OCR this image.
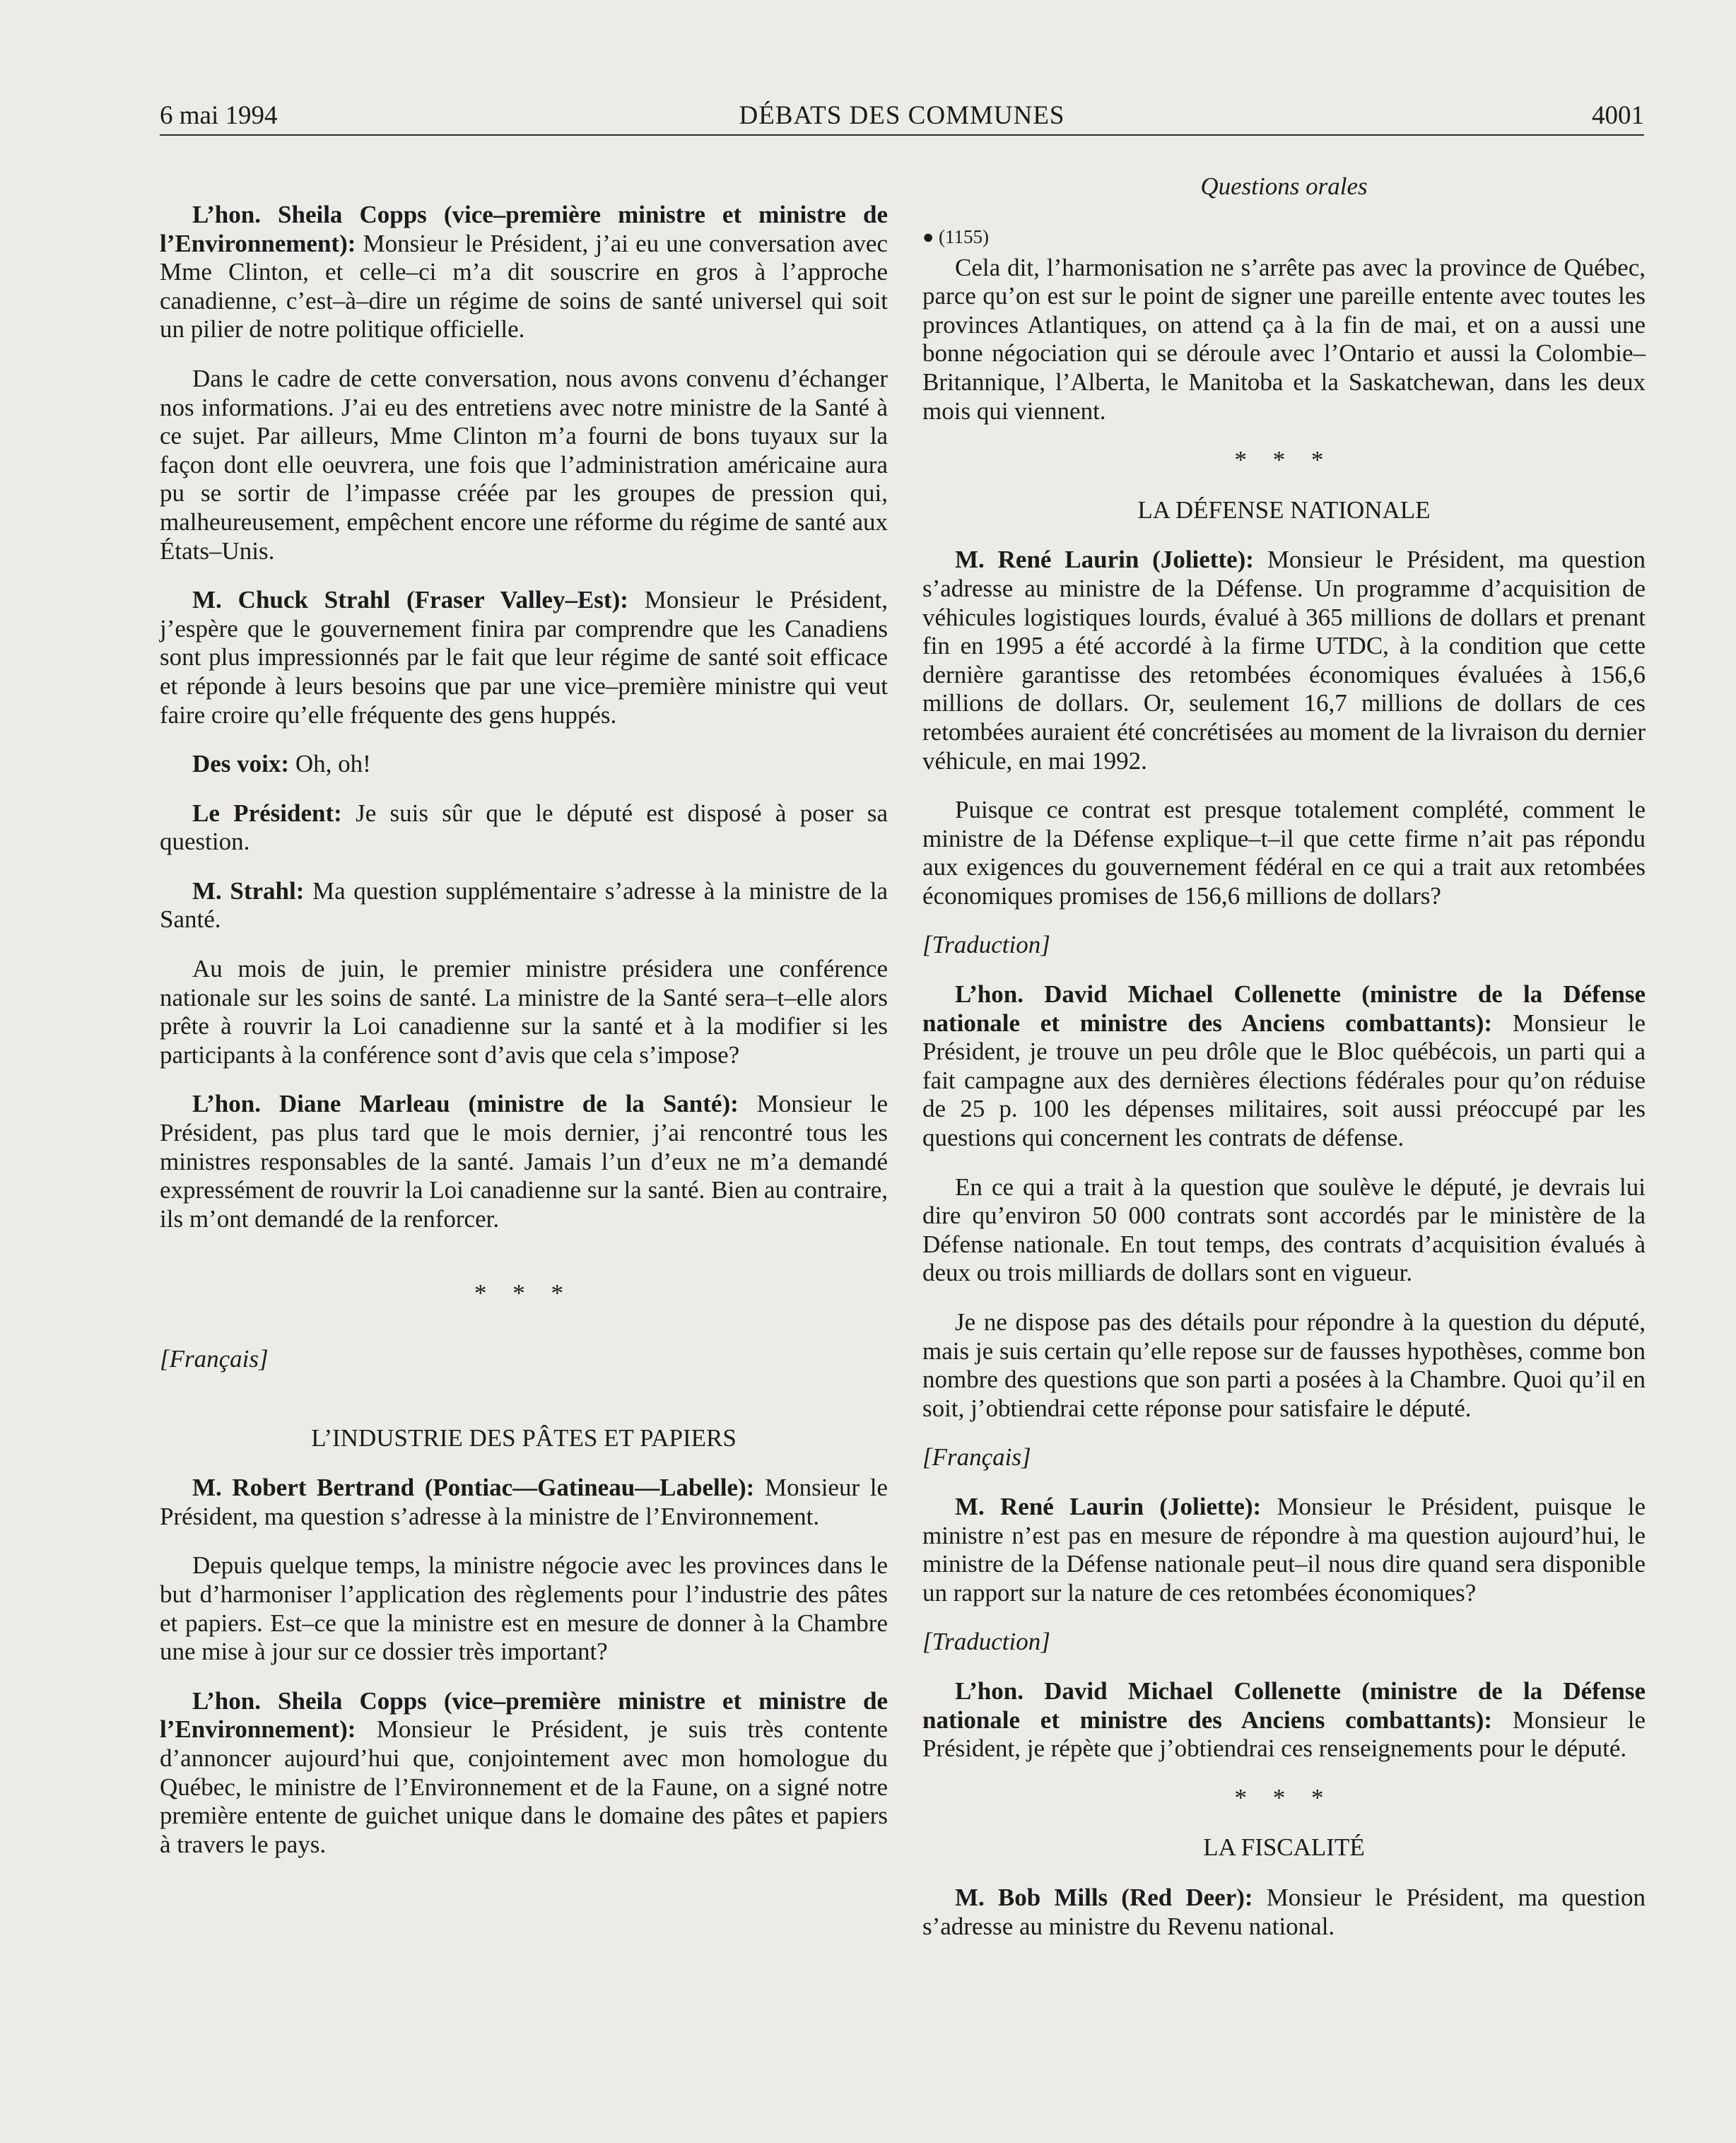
6 mai 1994	DÉBATS DES COMMUNES	4001

L’hon. Sheila Copps (vice–première ministre et ministre de l’Environnement): Monsieur le Président, j’ai eu une conversation avec Mme Clinton, et celle–ci m’a dit souscrire en gros à l’approche canadienne, c’est–à–dire un régime de soins de santé universel qui soit un pilier de notre politique officielle.

Dans le cadre de cette conversation, nous avons convenu d’échanger nos informations. J’ai eu des entretiens avec notre ministre de la Santé à ce sujet. Par ailleurs, Mme Clinton m’a fourni de bons tuyaux sur la façon dont elle oeuvrera, une fois que l’administration américaine aura pu se sortir de l’impasse créée par les groupes de pression qui, malheureusement, empêchent encore une réforme du régime de santé aux États–Unis.

M. Chuck Strahl (Fraser Valley–Est): Monsieur le Président, j’espère que le gouvernement finira par comprendre que les Canadiens sont plus impressionnés par le fait que leur régime de santé soit efficace et réponde à leurs besoins que par une vice–première ministre qui veut faire croire qu’elle fréquente des gens huppés.

Des voix: Oh, oh!

Le Président: Je suis sûr que le député est disposé à poser sa question.

M. Strahl: Ma question supplémentaire s’adresse à la ministre de la Santé.

Au mois de juin, le premier ministre présidera une conférence nationale sur les soins de santé. La ministre de la Santé sera–t–elle alors prête à rouvrir la Loi canadienne sur la santé et à la modifier si les participants à la conférence sont d’avis que cela s’impose?

L’hon. Diane Marleau (ministre de la Santé): Monsieur le Président, pas plus tard que le mois dernier, j’ai rencontré tous les ministres responsables de la santé. Jamais l’un d’eux ne m’a demandé expressément de rouvrir la Loi canadienne sur la santé. Bien au contraire, ils m’ont demandé de la renforcer.

* * *

[Français]

L’INDUSTRIE DES PÂTES ET PAPIERS

M. Robert Bertrand (Pontiac—Gatineau—Labelle): Monsieur le Président, ma question s’adresse à la ministre de l’Environnement.

Depuis quelque temps, la ministre négocie avec les provinces dans le but d’harmoniser l’application des règlements pour l’industrie des pâtes et papiers. Est–ce que la ministre est en mesure de donner à la Chambre une mise à jour sur ce dossier très important?

L’hon. Sheila Copps (vice–première ministre et ministre de l’Environnement): Monsieur le Président, je suis très contente d’annoncer aujourd’hui que, conjointement avec mon homologue du Québec, le ministre de l’Environnement et de la Faune, on a signé notre première entente de guichet unique dans le domaine des pâtes et papiers à travers le pays.

Questions orales
● (1155)

Cela dit, l’harmonisation ne s’arrête pas avec la province de Québec, parce qu’on est sur le point de signer une pareille entente avec toutes les provinces Atlantiques, on attend ça à la fin de mai, et on a aussi une bonne négociation qui se déroule avec l’Ontario et aussi la Colombie–Britannique, l’Alberta, le Manitoba et la Saskatchewan, dans les deux mois qui viennent.

* * *
LA DÉFENSE NATIONALE

M. René Laurin (Joliette): Monsieur le Président, ma question s’adresse au ministre de la Défense. Un programme d’acquisition de véhicules logistiques lourds, évalué à 365 millions de dollars et prenant fin en 1995 a été accordé à la firme UTDC, à la condition que cette dernière garantisse des retombées économiques évaluées à 156,6 millions de dollars. Or, seulement 16,7 millions de dollars de ces retombées auraient été concrétisées au moment de la livraison du dernier véhicule, en mai 1992.

Puisque ce contrat est presque totalement complété, comment le ministre de la Défense explique–t–il que cette firme n’ait pas répondu aux exigences du gouvernement fédéral en ce qui a trait aux retombées économiques promises de 156,6 millions de dollars?

[Traduction]

L’hon. David Michael Collenette (ministre de la Défense nationale et ministre des Anciens combattants): Monsieur le Président, je trouve un peu drôle que le Bloc québécois, un parti qui a fait campagne aux des dernières élections fédérales pour qu’on réduise de 25 p. 100 les dépenses militaires, soit aussi préoccupé par les questions qui concernent les contrats de défense.

En ce qui a trait à la question que soulève le député, je devrais lui dire qu’environ 50 000 contrats sont accordés par le ministère de la Défense nationale. En tout temps, des contrats d’acquisition évalués à deux ou trois milliards de dollars sont en vigueur.

Je ne dispose pas des détails pour répondre à la question du député, mais je suis certain qu’elle repose sur de fausses hypothèses, comme bon nombre des questions que son parti a posées à la Chambre. Quoi qu’il en soit, j’obtiendrai cette réponse pour satisfaire le député.

[Français]

M. René Laurin (Joliette): Monsieur le Président, puisque le ministre n’est pas en mesure de répondre à ma question aujourd’hui, le ministre de la Défense nationale peut–il nous dire quand sera disponible un rapport sur la nature de ces retombées économiques?

[Traduction]

L’hon. David Michael Collenette (ministre de la Défense nationale et ministre des Anciens combattants): Monsieur le Président, je répète que j’obtiendrai ces renseignements pour le député.

* * *
LA FISCALITÉ

M. Bob Mills (Red Deer): Monsieur le Président, ma question s’adresse au ministre du Revenu national.
